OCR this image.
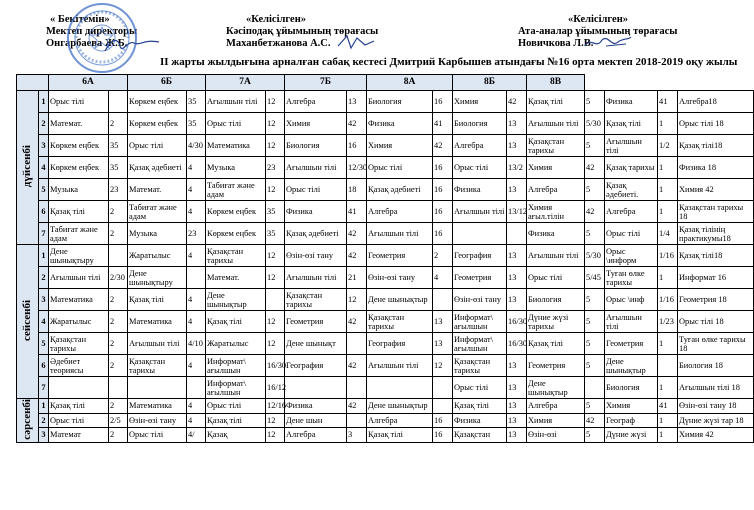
« Бекітемін»
Мектеп директоры
Онгарбаева Ж.Б.
«Келісілген»
Кәсіподақ ұйымының төрағасы
Маханбетжанова А.С.
«Келісілген»
Ата-аналар ұйымының төрағасы
Новичкова Л.В.
ІІ жарты жылдығына арналған сабақ кестесі Дмитрий Карбышев атындағы №16 орта мектеп 2018-2019 оқу жылы
		6А		6Б		7А		7Б		8А		8Б		8В				
дүйсенбі	1	Орыс тілі		Көркем еңбек	35	Ағылшын тілі	12	Алгебра	13	Биология	16	Химия	42	Қазақ тілі	5	Физика	41	Алгебра18
	2	Математ.	2	Көркем еңбек	35	Орыс тілі	12	Химия	42	Физика	41	Биология	13	Ағылшын тілі	5/30	Қазақ тілі	1	Орыс тілі 18
	3	Көркем еңбек	35	Орыс тілі	4/30	Математика	12	Биология	16	Химия	42	Алгебра	13	Қазақстан тарихы	5	Ағылшын тілі	1/2	Қазақ тілі18
	4	Көркем еңбек	35	Қазақ әдебиеті	4	Музыка	23	Ағылшын тілі	12/30	Орыс тілі	16	Орыс тілі	13/2	Химия	42	Қазақ тарихы	1	Физика 18
	5	Музыка	23	Математ.	4	Табиғат және адам	12	Орыс тілі	18	Қазақ әдебиеті	16	Физика	13	Алгебра	5	Қазақ әдебиеті.	1	Химия 42
	6	Қазақ тілі	2	Табиғат және адам	4	Көркем еңбек	35	Физика	41	Алгебра	16	Ағылшын тілі	13/12	Химия ағыл.тілін	42	Алгебра	1	Қазақстан тарихы 18
	7	Табиғат және адам	2	Музыка	23	Көркем еңбек	35	Қазақ әдебиеті	42	Ағылшын тілі	16			Физика	5	Орыс тілі	1/4	Қазақ тілінің практикумы18
сейсенбі	1	Дене шынықтыру		Жаратылыс	4	Қазақстан тарихы	12	Өзін-өзі тану	42	Геометрия	2	География	13	Ағылшын тілі	5/30	Орыс \информ	1/16	Қазақ тілі18
	2	Ағылшын тілі	2/30	Дене шынықтыру		Математ.	12	Ағылшын тілі	21	Өзін-өзі тану	4	Геометрия	13	Орыс тілі	5/45	Туған өлке тарихы	1	Информат 16
	3	Математика	2	Қазақ тілі	4	Дене шынықтыр		Қазақстан тарихы	12	Дене шынықтыр		Өзін-өзі тану	13	Биология	5	Орыс \инф	1/16	Геометрия 18
	4	Жаратылыс	2	Математика	4	Қазақ тілі	12	Геометрия	42	Қазақстан тарихы	13	Информат\ ағылшын	16/30	Дүние жүзі тарихы	5	Ағылшын тілі	1/23	Орыс тілі 18
	5	Қазақстан тарихы	2	Ағылшын тілі	4/10	Жаратылыс	12	Дене шынықт		География	13	Информат\ ағылшын	16/30	Қазақ тілі	5	Геометрия	1	Туған өлке тарихы 18
	6	Әдебиет теориясы	2	Қазақстан тарихы	4	Информат\ ағылшын	16/30	География	42	Ағылшын тілі	12	Қазақстан тарихы	13	Геометрия	5	Дене шынықтыр		Биология 18
	7					Информат\ ағылшын	16/12					Орыс тілі	13	Дене шынықтыр		Биология	1	Ағылшын тілі 18
сәрсенбі	1	Қазақ тілі	2	Математика	4	Орыс тілі	12/16	Физика	42	Дене шынықтыр		Қазақ тілі	13	Алгебра	5	Химия	41	Өзін-өзі тану 18
	2	Орыс тілі	2/5	Өзін-өзі тану	4	Қазақ тілі	12	Дене шын		Алгебра	16	Физика	13	Химия	42	Географ	1	Дүние жүзі тар 18
	3	Математ	2	Орыс тілі	4/	Қазақ	12	Алгебра	3	Қазақ тілі	16	Қазақстан	13	Өзін-өзі	5	Дүние жүзі	1	Химия 42
